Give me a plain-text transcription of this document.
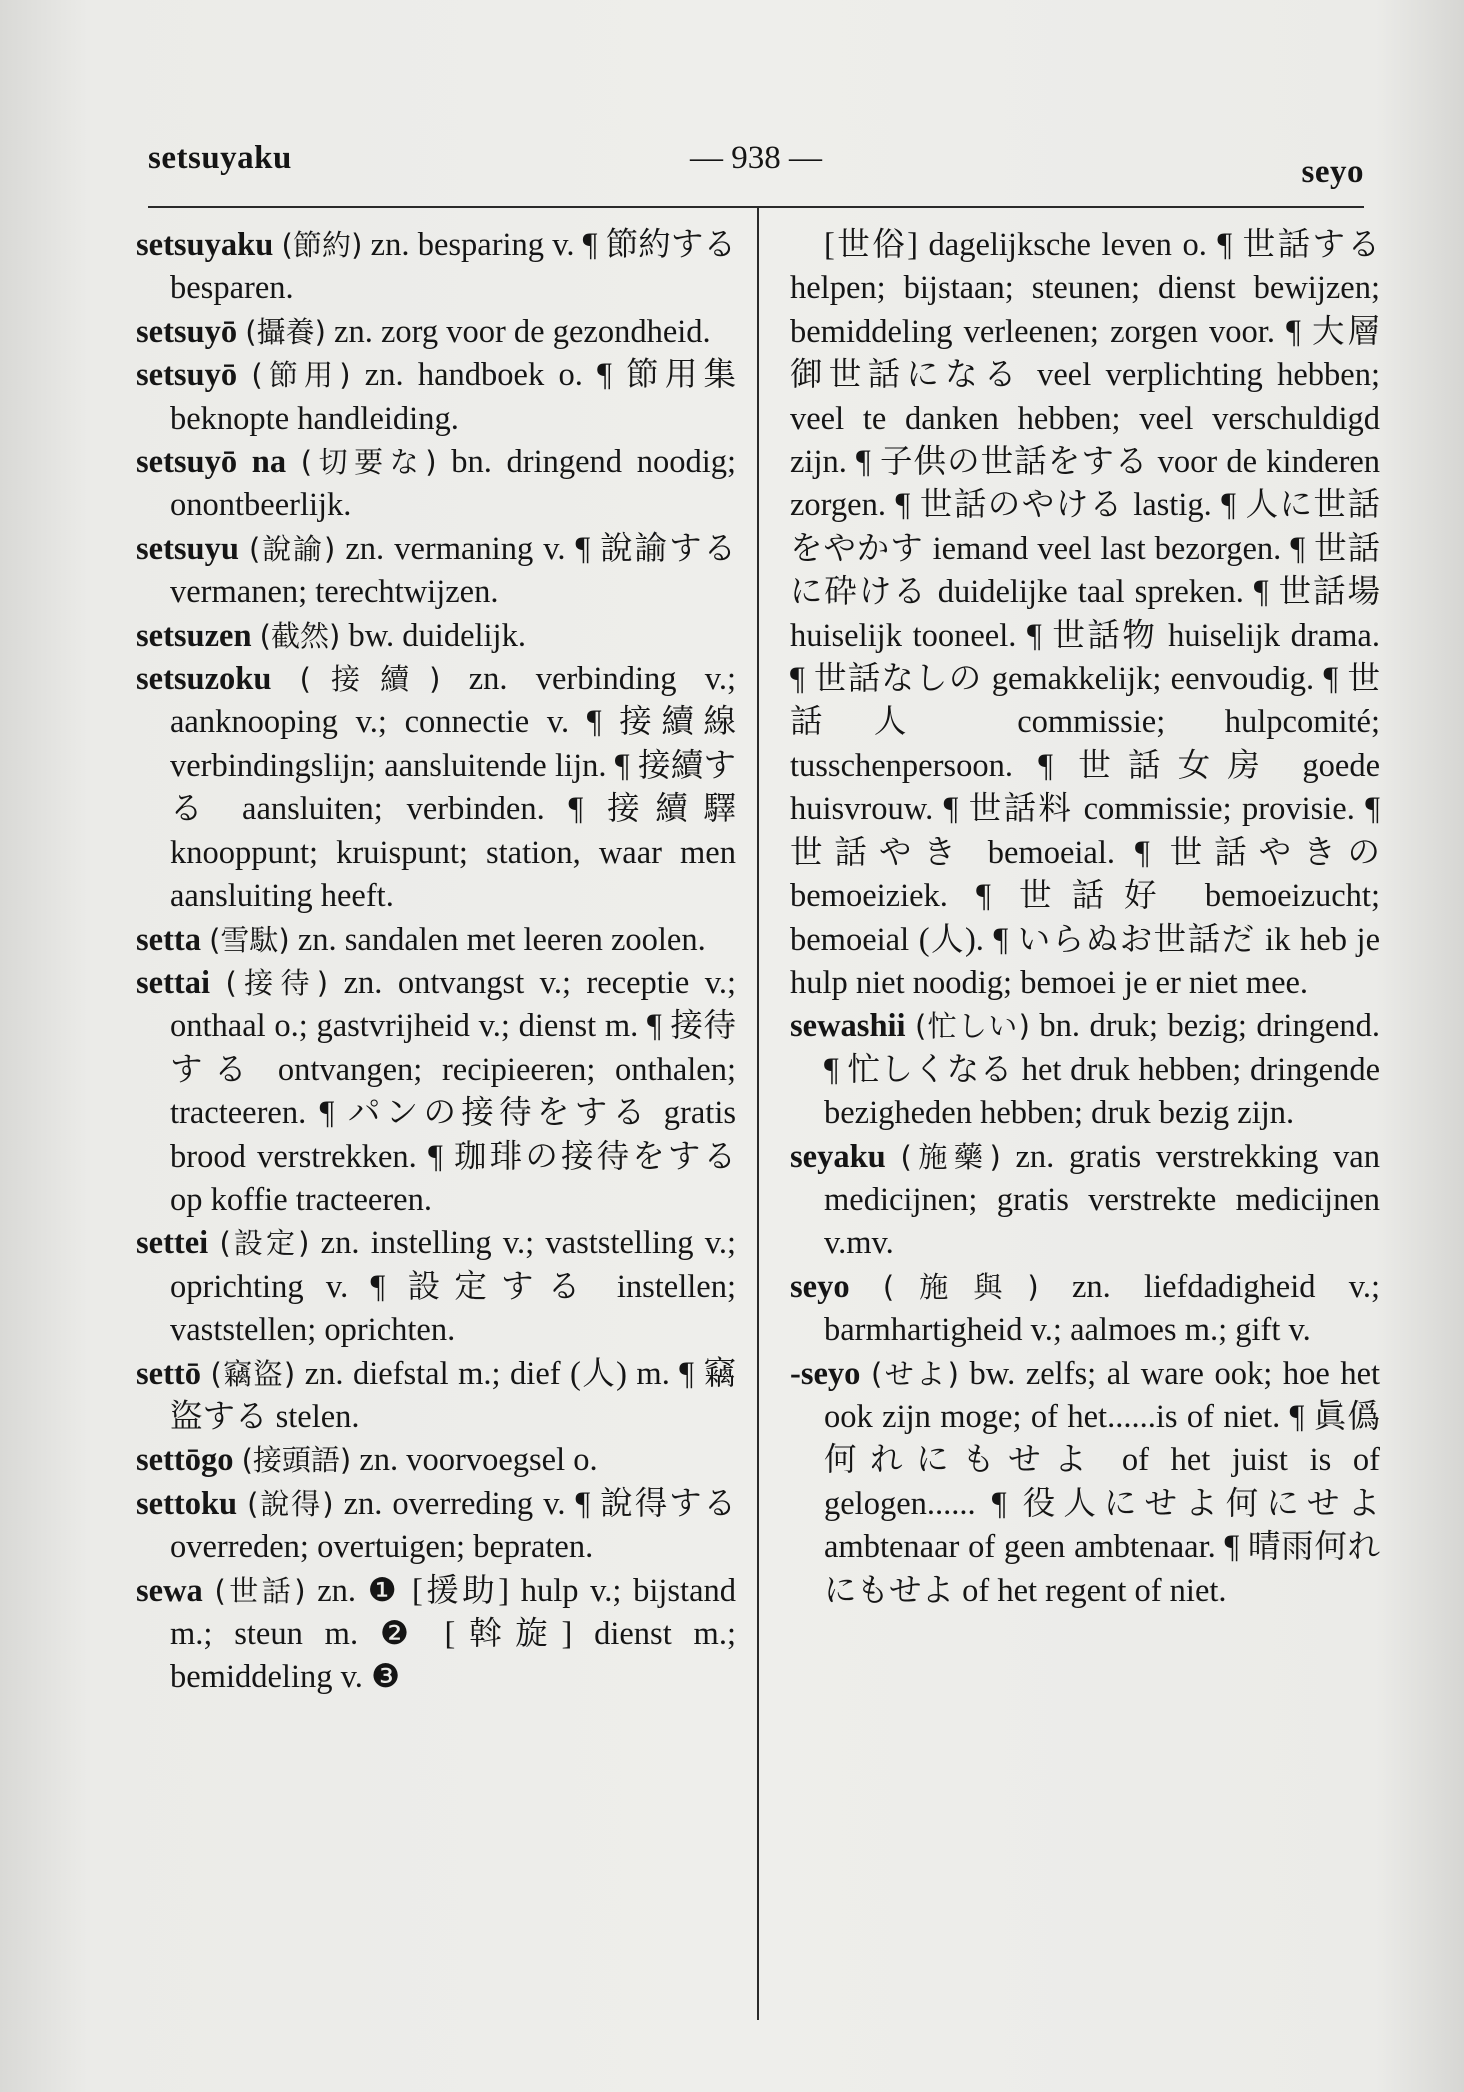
setsuyaku	— 938 —	seyo
setsuyaku (節約) zn. besparing v. ¶ 節約する besparen.
setsuyō (攝養) zn. zorg voor de gezondheid.
setsuyō (節用) zn. handboek o. ¶ 節用集 beknopte handleiding.
setsuyō na (切要な) bn. dringend noodig; onontbeerlijk.
setsuyu (說諭) zn. vermaning v. ¶ 說諭する vermanen; terechtwijzen.
setsuzen (截然) bw. duidelijk.
setsuzoku (接續) zn. verbinding v.; aanknooping v.; connectie v. ¶ 接續線 verbindingslijn; aansluitende lijn. ¶ 接續する aansluiten; verbinden. ¶ 接續驛 knooppunt; kruispunt; station, waar men aansluiting heeft.
setta (雪駄) zn. sandalen met leeren zoolen.
settai (接待) zn. ontvangst v.; receptie v.; onthaal o.; gastvrijheid v.; dienst m. ¶ 接待する ontvangen; recipieeren; onthalen; tracteeren. ¶ パンの接待をする gratis brood verstrekken. ¶ 珈琲の接待をする op koffie tracteeren.
settei (設定) zn. instelling v.; vaststelling v.; oprichting v. ¶ 設定する instellen; vaststellen; oprichten.
settō (竊盜) zn. diefstal m.; dief (人) m. ¶ 竊盜する stelen.
settōgo (接頭語) zn. voorvoegsel o.
settoku (說得) zn. overreding v. ¶ 說得する overreden; overtuigen; bepraten.
sewa (世話) zn. ❶ [援助] hulp v.; bijstand m.; steun m. ❷ [斡旋] dienst m.; bemiddeling v. ❸
[世俗] dagelijksche leven o. ¶ 世話する helpen; bijstaan; steunen; dienst bewijzen; bemiddeling verleenen; zorgen voor. ¶ 大層御世話になる veel verplichting hebben; veel te danken hebben; veel verschuldigd zijn. ¶ 子供の世話をする voor de kinderen zorgen. ¶ 世話のやける lastig. ¶ 人に世話をやかす iemand veel last bezorgen. ¶ 世話に砕ける duidelijke taal spreken. ¶ 世話場 huiselijk tooneel. ¶ 世話物 huiselijk drama. ¶ 世話なしの gemakkelijk; eenvoudig. ¶ 世話人 commissie; hulpcomité; tusschenpersoon. ¶ 世話女房 goede huisvrouw. ¶ 世話料 commissie; provisie. ¶ 世話やき bemoeial. ¶ 世話やきの bemoeiziek. ¶ 世話好 bemoeizucht; bemoeial (人). ¶ いらぬお世話だ ik heb je hulp niet noodig; bemoei je er niet mee.
sewashii (忙しい) bn. druk; bezig; dringend. ¶ 忙しくなる het druk hebben; dringende bezigheden hebben; druk bezig zijn.
seyaku (施藥) zn. gratis verstrekking van medicijnen; gratis verstrekte medicijnen v.mv.
seyo (施與) zn. liefdadigheid v.; barmhartigheid v.; aalmoes m.; gift v.
-seyo (せよ) bw. zelfs; al ware ook; hoe het ook zijn moge; of het......is of niet. ¶ 眞僞何れにもせよ of het juist is of gelogen...... ¶ 役人にせよ何にせよ ambtenaar of geen ambtenaar. ¶ 晴雨何れにもせよ of het regent of niet.
